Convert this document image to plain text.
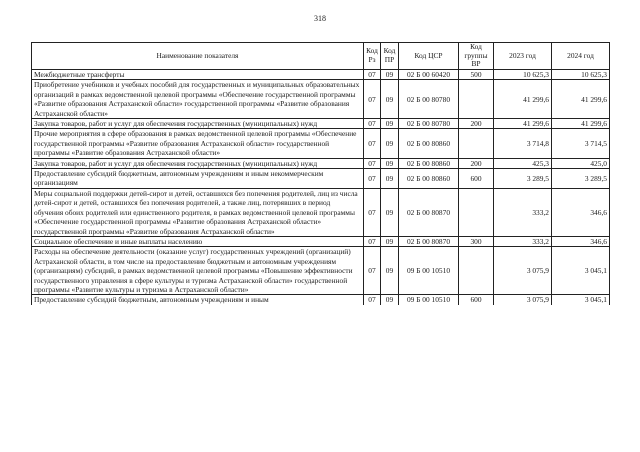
318
Наименование показателя	Код Рз	Код ПР	Код ЦСР	Код группы ВР	2023 год	2024 год
Межбюджетные трансферты	07	09	02 Б 00 60420	500	10 625,3	10 625,3
Приобретение учебников и учебных пособий для государственных и муниципальных образовательных организаций в рамках ведомственной целевой программы «Обеспечение государственной программы «Развитие образования Астраханской области» государственной программы «Развитие образования Астраханской области»	07	09	02 Б 00 80780		41 299,6	41 299,6
Закупка товаров, работ и услуг для обеспечения государственных (муниципальных) нужд	07	09	02 Б 00 80780	200	41 299,6	41 299,6
Прочие мероприятия в сфере образования в рамках ведомственной целевой программы «Обеспечение государственной программы «Развитие образования Астраханской области» государственной программы «Развитие образования Астраханской области»	07	09	02 Б 00 80860		3 714,8	3 714,5
Закупка товаров, работ и услуг для обеспечения государственных (муниципальных) нужд	07	09	02 Б 00 80860	200	425,3	425,0
Предоставление субсидий бюджетным, автономным учреждениям и иным некоммерческим организациям	07	09	02 Б 00 80860	600	3 289,5	3 289,5
Меры социальной поддержки детей-сирот и детей, оставшихся без попечения родителей, лиц из числа детей-сирот и детей, оставшихся без попечения родителей, а также лиц, потерявших в период обучения обоих родителей или единственного родителя, в рамках ведомственной целевой программы «Обеспечение государственной программы «Развитие образования Астраханской области» государственной программы «Развитие образования Астраханской области»	07	09	02 Б 00 80870		333,2	346,6
Социальное обеспечение и иные выплаты населению	07	09	02 Б 00 80870	300	333,2	346,6
Расходы на обеспечение деятельности (оказание услуг) государственных учреждений (организаций) Астраханской области, в том числе на предоставление бюджетным и автономным учреждениям (организациям) субсидий, в рамках ведомственной целевой программы «Повышение эффективности государственного управления в сфере культуры и туризма Астраханской области» государственной программы «Развитие культуры и туризма в Астраханской области»	07	09	09 Б 00 10510		3 075,9	3 045,1
Предоставление субсидий бюджетным, автономным учреждениям и иным	07	09	09 Б 00 10510	600	3 075,9	3 045,1
